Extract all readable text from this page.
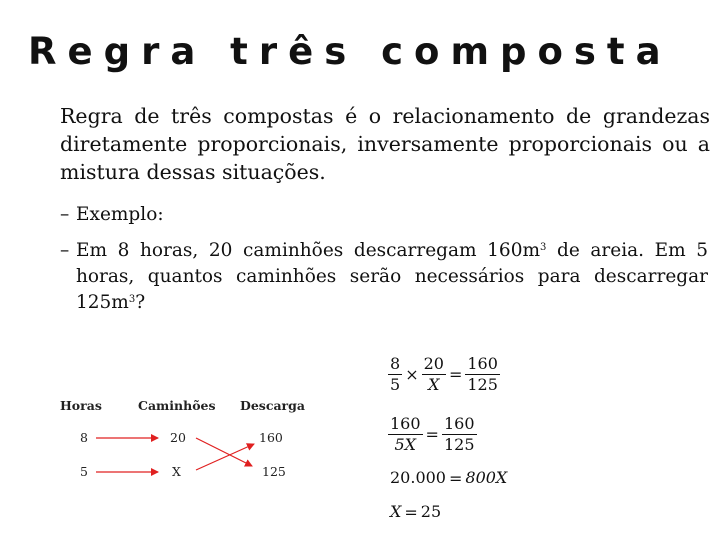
Regra três composta
Regra de três compostas é o relacionamento de grandezas diretamente proporcionais, inversamente proporcionais ou a mistura dessas situações.
– Exemplo:
– Em 8 horas, 20 caminhões descarregam $160m^3$ de areia. Em 5 horas, quantos caminhões serão necessários para descarregar $125m^3$?
Horas	Caminhões Descarga
8	20	160
5	X	125
$\frac{8}{5} \times \frac{20}{X} = \frac{160}{125}$
$\frac{160}{5X} = \frac{160}{125}$
20.000 = 800X
X = 25
